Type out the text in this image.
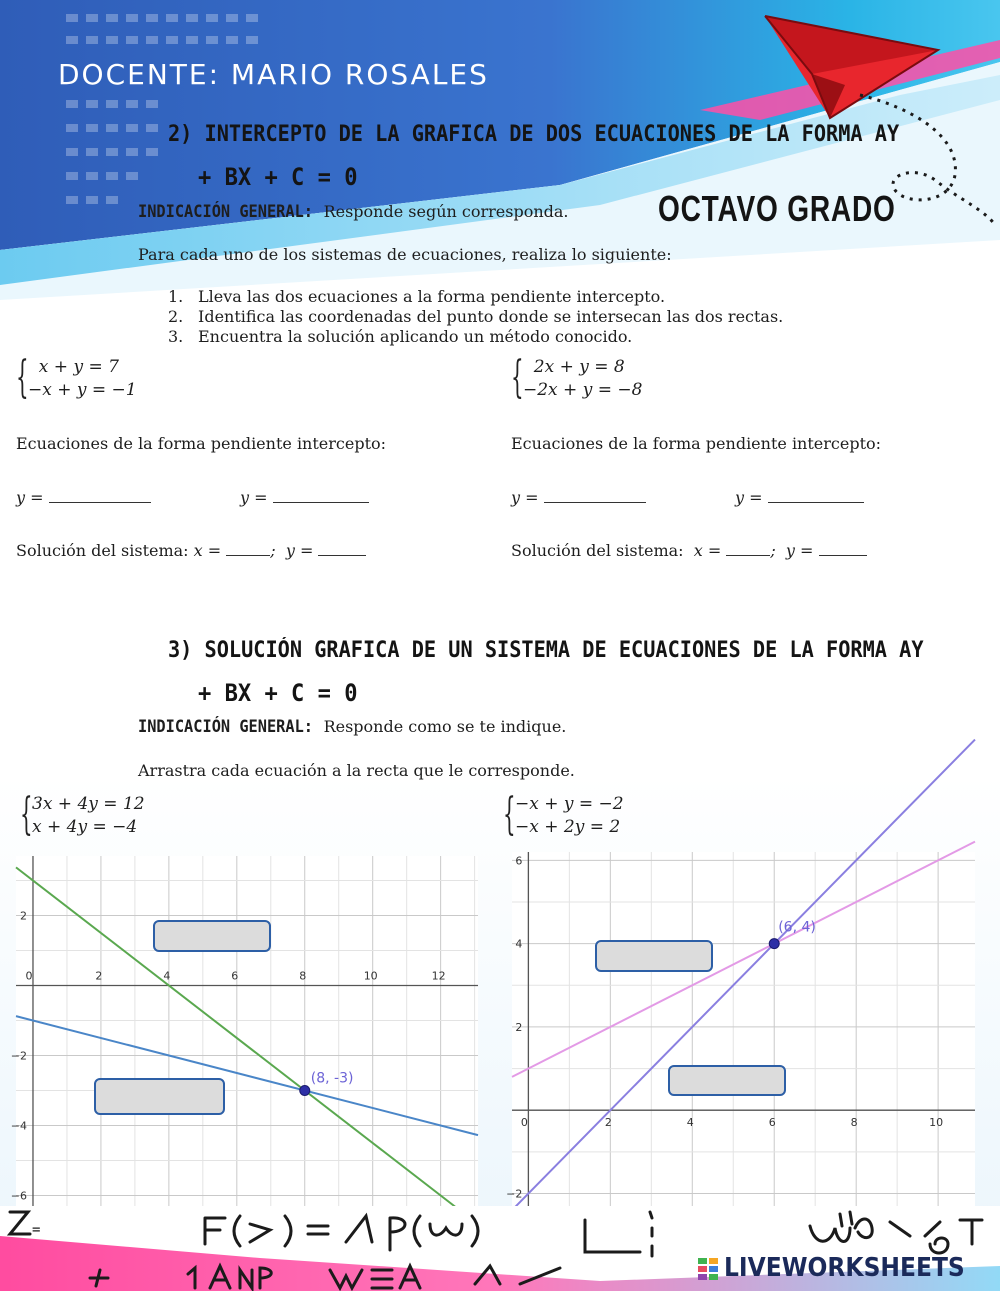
DOCENTE: MARIO ROSALES
2) INTERCEPTO DE LA GRAFICA DE DOS ECUACIONES DE LA FORMA AY
+ BX + C = 0
OCTAVO GRADO
INDICACIÓN GENERAL: Responde según corresponda.
Para cada uno de los sistemas de ecuaciones, realiza lo siguiente:
1. Lleva las dos ecuaciones a la forma pendiente intercepto.
2. Identifica las coordenadas del punto donde se intersecan las dos rectas.
3. Encuentra la solución aplicando un método conocido.
{ x + y = 7
−x + y = −1	{ 2x + y = 8
−2x + y = −8
Ecuaciones de la forma pendiente intercepto:	Ecuaciones de la forma pendiente intercepto:
y =	y =	y =	y =
Solución del sistema: x =	; y =	Solución del sistema: x =	; y =
3) SOLUCIÓN GRAFICA DE UN SISTEMA DE ECUACIONES DE LA FORMA AY
+ BX + C = 0
INDICACIÓN GENERAL: Responde como se te indique.
Arrastra cada ecuación a la recta que le corresponde.
{ 3x + 4y = 12
x + 4y = −4	{ −x + y = −2
−x + 2y = 2
0	2	4	6	8	10	12
2
−2
−4
−6
(8, -3)
0	2	4	6	8	10
6
4
2
−2
(6, 4)
=
LIVEWORKSHEETS
